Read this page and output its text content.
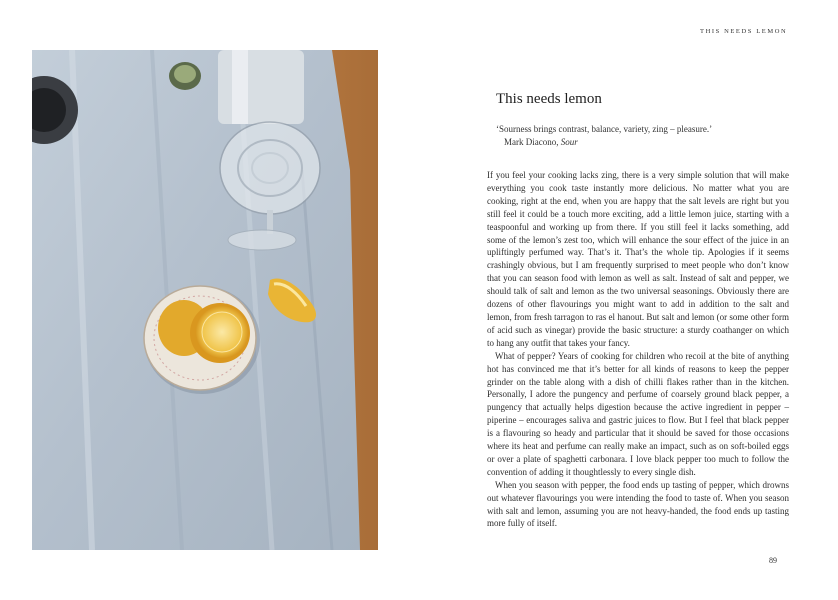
THIS NEEDS LEMON
This needs lemon
‘Sourness brings contrast, balance, variety, zing – pleasure.’
Mark Diacono, Sour

If you feel your cooking lacks zing, there is a very simple solution that will make everything you cook taste instantly more delicious. No matter what you are cooking, right at the end, when you are happy that the salt levels are right but you still feel it could be a touch more exciting, add a little lemon juice, starting with a teaspoonful and working up from there. If you still feel it lacks something, add some of the lemon’s zest too, which will enhance the sour effect of the juice in an upliftingly perfumed way. That’s it. That’s the whole tip. Apologies if it seems crashingly obvious, but I am frequently surprised to meet people who don’t know that you can season food with lemon as well as salt. Instead of salt and pepper, we should talk of salt and lemon as the two universal seasonings. Obviously there are dozens of other flavourings you might want to add in addition to the salt and lemon, from fresh tarragon to ras el hanout. But salt and lemon (or some other form of acid such as vinegar) provide the basic structure: a sturdy coathanger on which to hang any outfit that takes your fancy.

What of pepper? Years of cooking for children who recoil at the bite of anything hot has convinced me that it’s better for all kinds of reasons to keep the pepper grinder on the table along with a dish of chilli flakes rather than in the kitchen. Personally, I adore the pungency and perfume of coarsely ground black pepper, a pungency that actually helps digestion because the active ingredient in pepper – piperine – encourages saliva and gastric juices to flow. But I feel that black pepper is a flavouring so heady and particular that it should be saved for those occasions where its heat and perfume can really make an impact, such as on soft-boiled eggs or over a plate of spaghetti carbonara. I love black pepper too much to follow the convention of adding it thoughtlessly to every single dish.

When you season with pepper, the food ends up tasting of pepper, which drowns out whatever flavourings you were intending the food to taste of. When you season with salt and lemon, assuming you are not heavy-handed, the food ends up tasting more fully of itself.

89
